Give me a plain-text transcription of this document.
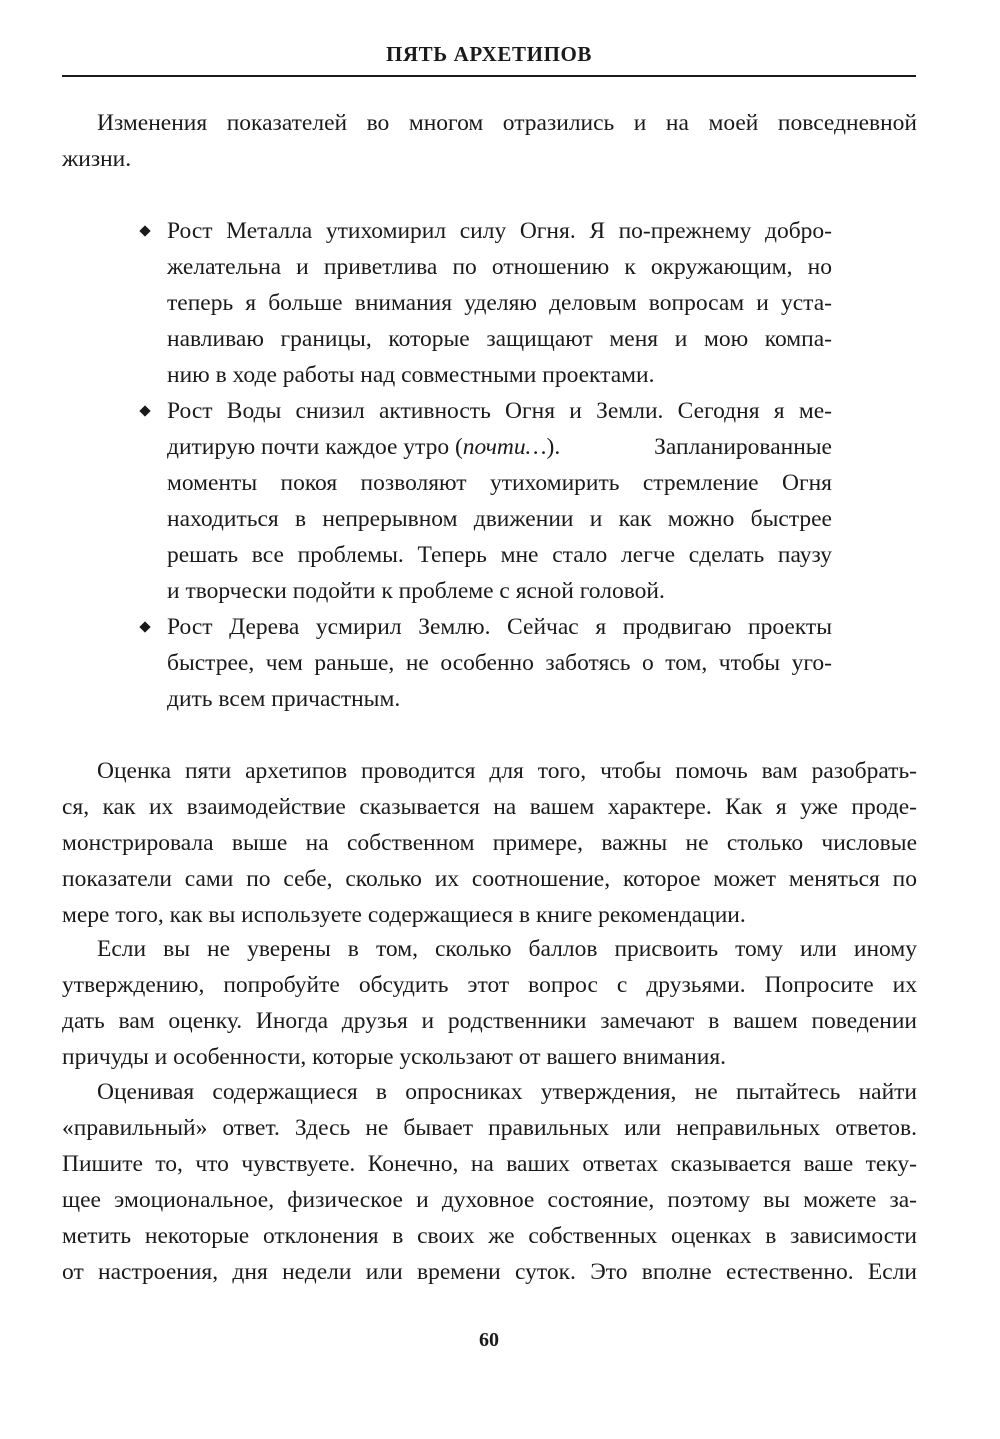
ПЯТЬ АРХЕТИПОВ
Изменения показателей во многом отразились и на моей повседневной
жизни.
Рост Металла утихомирил силу Огня. Я по-прежнему добро-
желательна и приветлива по отношению к окружающим, но
теперь я больше внимания уделяю деловым вопросам и уста-
навливаю границы, которые защищают меня и мою компа-
нию в ходе работы над совместными проектами.
Рост Воды снизил активность Огня и Земли. Сегодня я ме-
дитирую почти каждое утро ( почти… ). Запланированные
моменты покоя позволяют утихомирить стремление Огня
находиться в непрерывном движении и как можно быстрее
решать все проблемы. Теперь мне стало легче сделать паузу
и творчески подойти к проблеме с ясной головой.
Рост Дерева усмирил Землю. Сейчас я продвигаю проекты
быстрее, чем раньше, не особенно заботясь о том, чтобы уго-
дить всем причастным.
Оценка пяти архетипов проводится для того, чтобы помочь вам разобрать-
ся, как их взаимодействие сказывается на вашем характере. Как я уже проде-
монстрировала выше на собственном примере, важны не столько числовые
показатели сами по себе, сколько их соотношение, которое может меняться по
мере того, как вы используете содержащиеся в книге рекомендации.
Если вы не уверены в том, сколько баллов присвоить тому или иному
утверждению, попробуйте обсудить этот вопрос с друзьями. Попросите их
дать вам оценку. Иногда друзья и родственники замечают в вашем поведении
причуды и особенности, которые ускользают от вашего внимания.
Оценивая содержащиеся в опросниках утверждения, не пытайтесь найти
«правильный» ответ. Здесь не бывает правильных или неправильных ответов.
Пишите то, что чувствуете. Конечно, на ваших ответах сказывается ваше теку-
щее эмоциональное, физическое и духовное состояние, поэтому вы можете за-
метить некоторые отклонения в своих же собственных оценках в зависимости
от настроения, дня недели или времени суток. Это вполне естественно. Если
60
